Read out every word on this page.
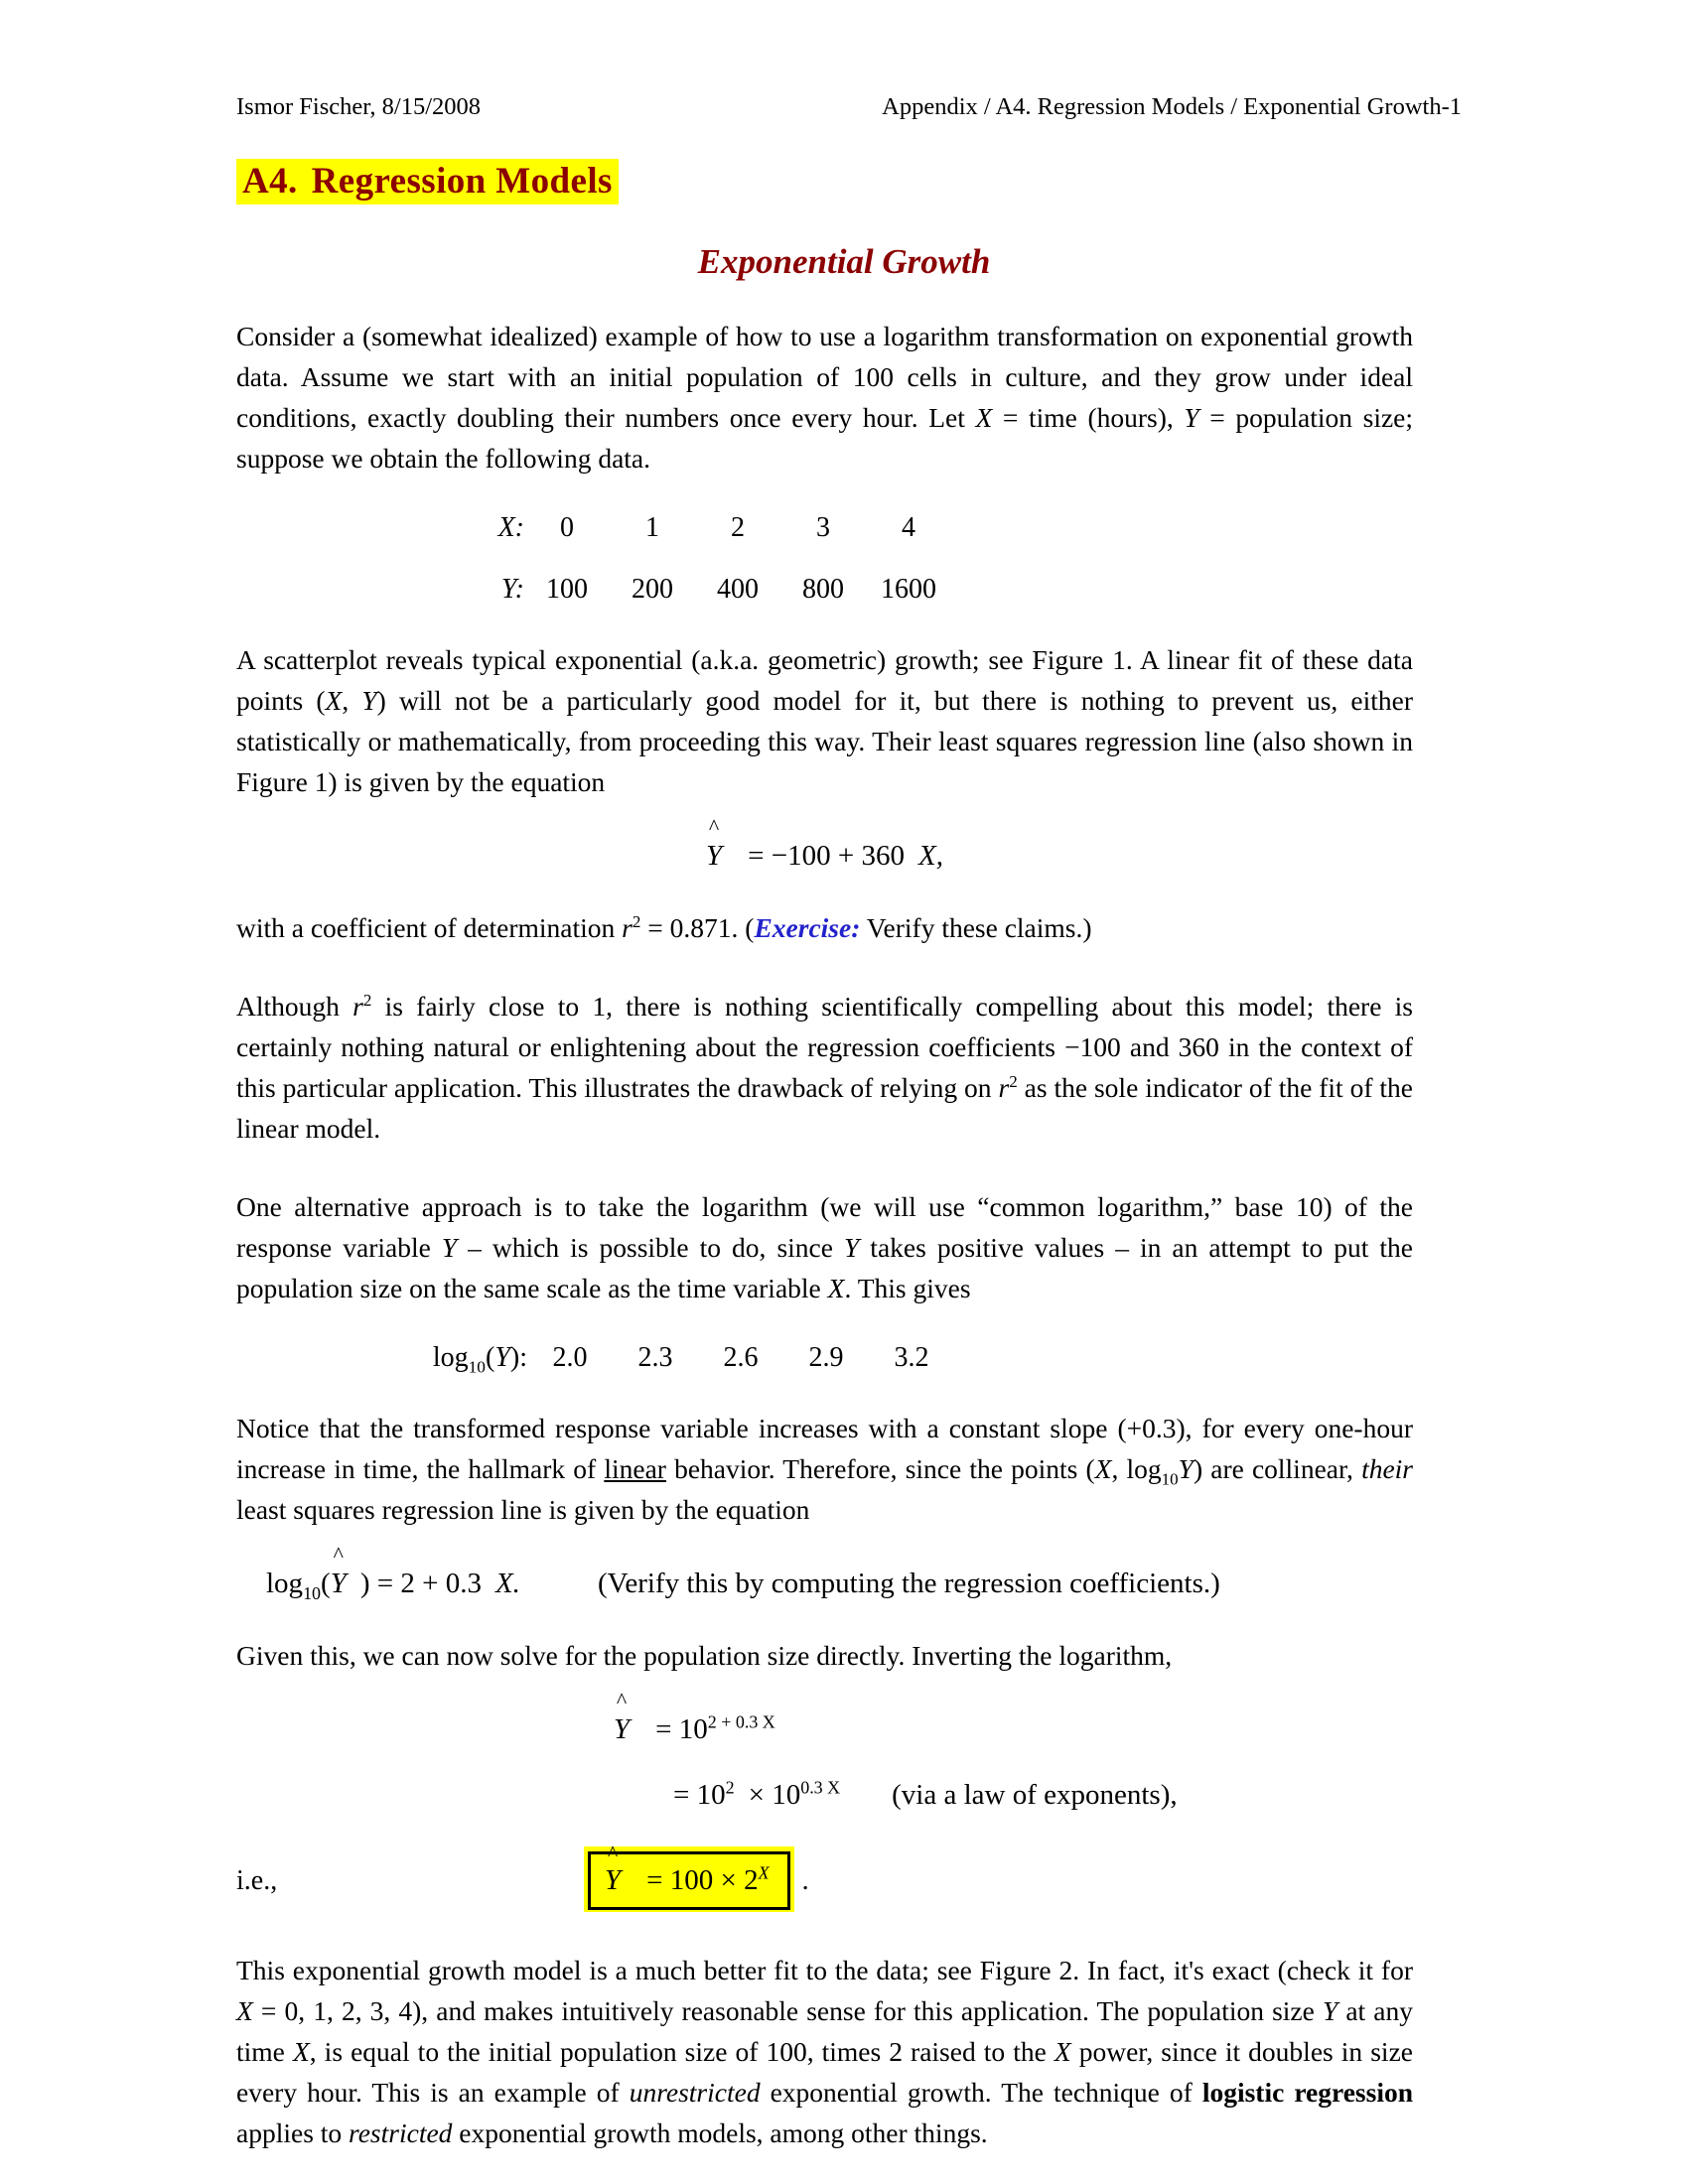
Ismor Fischer, 8/15/2008	Appendix / A4. Regression Models / Exponential Growth-1
A4. Regression Models
Exponential Growth

Consider a (somewhat idealized) example of how to use a logarithm transformation on exponential growth data. Assume we start with an initial population of 100 cells in culture, and they grow under ideal conditions, exactly doubling their numbers once every hour. Let X = time (hours), Y = population size; suppose we obtain the following data.

X:	0	1	2	3	4
Y: 100	200	400	800	1600

A scatterplot reveals typical exponential (a.k.a. geometric) growth; see Figure 1. A linear fit of these data points (X, Y) will not be a particularly good model for it, but there is nothing to prevent us, either statistically or mathematically, from proceeding this way. Their least squares regression line (also shown in Figure 1) is given by the equation

^
Y = −100 + 360 X,

with a coefficient of determination $r^2 = 0.871$. (Exercise: Verify these claims.)

Although $r^2$ is fairly close to 1, there is nothing scientifically compelling about this model; there is certainly nothing natural or enlightening about the regression coefficients −100 and 360 in the context of this particular application. This illustrates the drawback of relying on $r^2$ as the sole indicator of the fit of the linear model.

One alternative approach is to take the logarithm (we will use “common logarithm,” base 10) of the response variable Y – which is possible to do, since Y takes positive values – in an attempt to put the population size on the same scale as the time variable X. This gives

$\log_{10}(Y)$: 2.0	2.3	2.6	2.9	3.2

Notice that the transformed response variable increases with a constant slope (+0.3), for every one-hour increase in time, the hallmark of linear behavior. Therefore, since the points (X, $\log_{10}Y$) are collinear, their least squares regression line is given by the equation

$\log_{10}$(
^
Y ) = 2 + 0.3 X.	(Verify this by computing the regression coefficients.)

Given this, we can now solve for the population size directly. Inverting the logarithm,

^
$Y = 10^{2 + 0.3 X}$
= $10^2 \times 10^{0.3 X}$ (via a law of exponents),
i.e.,
^
$Y = 100 \times 2^X$	.

This exponential growth model is a much better fit to the data; see Figure 2. In fact, it's exact (check it for X = 0, 1, 2, 3, 4), and makes intuitively reasonable sense for this application. The population size Y at any time X, is equal to the initial population size of 100, times 2 raised to the X power, since it doubles in size every hour. This is an example of unrestricted exponential growth. The technique of logistic regression applies to restricted exponential growth models, among other things.
